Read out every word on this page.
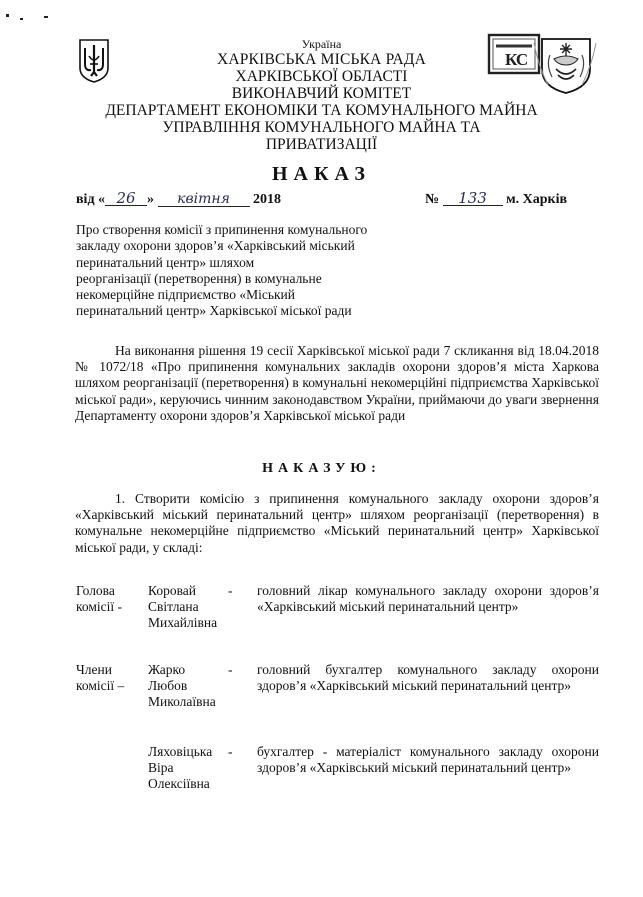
КС
Україна
ХАРКІВСЬКА МІСЬКА РАДА
ХАРКІВСЬКОЇ ОБЛАСТІ
ВИКОНАВЧИЙ КОМІТЕТ
ДЕПАРТАМЕНТ ЕКОНОМІКИ ТА КОМУНАЛЬНОГО МАЙНА
УПРАВЛІННЯ КОМУНАЛЬНОГО МАЙНА ТА
ПРИВАТИЗАЦІЇ
НАКАЗ
від « 26 » квітня 2018	№ 133 м. Харків
Про створення комісії з припинення комунального
закладу охорони здоров’я «Харківський міський
перинатальний центр» шляхом
реорганізації (перетворення) в комунальне
некомерційне підприємство «Міський
перинатальний центр» Харківської міської ради
На виконання рішення 19 сесії Харківської міської ради 7 скликання від 18.04.2018 № 1072/18 «Про припинення комунальних закладів охорони здоров’я міста Харкова шляхом реорганізації (перетворення) в комунальні некомерційні підприємства Харківської міської ради», керуючись чинним законодавством України, приймаючи до уваги звернення Департаменту охорони здоров’я Харківської міської ради
НАКАЗУЮ:
1. Створити комісію з припинення комунального закладу охорони здоров’я «Харківський міський перинатальний центр» шляхом реорганізації (перетворення) в комунальне некомерційне підприємство «Міський перинатальний центр» Харківської міської ради, у складі:
Голова
комісії -
Коровай
Світлана
Михайлівна
- головний лікар комунального закладу охорони здоров’я «Харківський міський перинатальний центр»
Члени
комісії –
Жарко
Любов
Миколаївна
- головний бухгалтер комунального закладу охорони здоров’я «Харківський міський перинатальний центр»
Ляховіцька
Віра
Олексіївна
- бухгалтер - матеріаліст комунального закладу охорони здоров’я «Харківський міський перинатальний центр»
